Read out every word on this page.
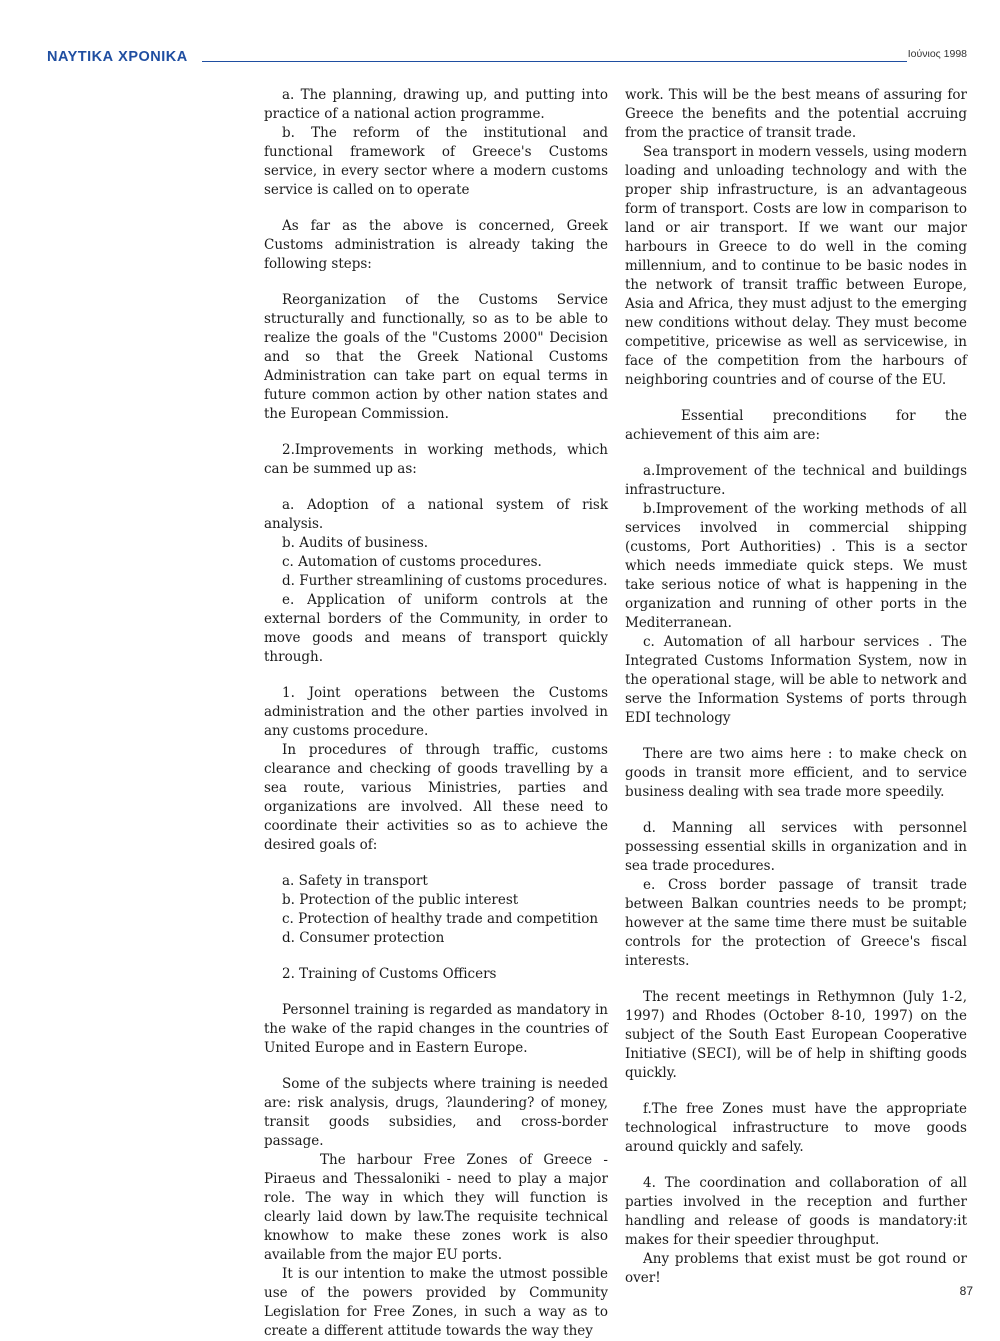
ΝΑΥΤΙΚΑ ΧΡΟΝΙΚΑ	Ιούνιος 1998

a. The planning, drawing up, and putting into practice of a national action programme.

b. The reform of the institutional and functional framework of Greece's Customs service, in every sector where a modern customs service is called on to operate

As far as the above is concerned, Greek Customs administration is already taking the following steps:

Reorganization of the Customs Service structurally and functionally, so as to be able to realize the goals of the "Customs 2000" Decision and so that the Greek National Customs Administration can take part on equal terms in future common action by other nation states and the European Commission.

2.Improvements in working methods, which can be summed up as:

a. Adoption of a national system of risk analysis.

b. Audits of business.

c. Automation of customs procedures.

d. Further streamlining of customs procedures.

e. Application of uniform controls at the external borders of the Community, in order to move goods and means of transport quickly through.

1. Joint operations between the Customs administration and the other parties involved in any customs procedure.

In procedures of through traffic, customs clearance and checking of goods travelling by a sea route, various Ministries, parties and organizations are involved. All these need to coordinate their activities so as to achieve the desired goals of:

a. Safety in transport

b. Protection of the public interest

c. Protection of healthy trade and competition

d. Consumer protection

2. Training of Customs Officers

Personnel training is regarded as mandatory in the wake of the rapid changes in the countries of United Europe and in Eastern Europe.

Some of the subjects where training is needed are: risk analysis, drugs, ?laundering? of money, transit goods subsidies, and cross-border passage.

The harbour Free Zones of Greece - Piraeus and Thessaloniki - need to play a major role. The way in which they will function is clearly laid down by law.The requisite technical knowhow to make these zones work is also available from the major EU ports.

It is our intention to make the utmost possible use of the powers provided by Community Legislation for Free Zones, in such a way as to create a different attitude towards the way they

work. This will be the best means of assuring for Greece the benefits and the potential accruing from the practice of transit trade.

Sea transport in modern vessels, using modern loading and unloading technology and with the proper ship infrastructure, is an advantageous form of transport. Costs are low in comparison to land or air transport. If we want our major harbours in Greece to do well in the coming millennium, and to continue to be basic nodes in the network of transit traffic between Europe, Asia and Africa, they must adjust to the emerging new conditions without delay. They must become competitive, pricewise as well as servicewise, in face of the competition from the harbours of neighboring countries and of course of the EU.

Essential preconditions for the achievement of this aim are:

a.Improvement of the technical and buildings infrastructure.

b.Improvement of the working methods of all services involved in commercial shipping (customs, Port Authorities) . This is a sector which needs immediate quick steps. We must take serious notice of what is happening in the organization and running of other ports in the Mediterranean.

c. Automation of all harbour services . The Integrated Customs Information System, now in the operational stage, will be able to network and serve the Information Systems of ports through EDI technology

There are two aims here : to make check on goods in transit more efficient, and to service business dealing with sea trade more speedily.

d. Manning all services with personnel possessing essential skills in organization and in sea trade procedures.

e. Cross border passage of transit trade between Balkan countries needs to be prompt; however at the same time there must be suitable controls for the protection of Greece's fiscal interests.

The recent meetings in Rethymnon (July 1-2, 1997) and Rhodes (October 8-10, 1997) on the subject of the South East European Cooperative Initiative (SECI), will be of help in shifting goods quickly.

f.The free Zones must have the appropriate technological infrastructure to move goods around quickly and safely.

4. The coordination and collaboration of all parties involved in the reception and further handling and release of goods is mandatory:it makes for their speedier throughput.

Any problems that exist must be got round or over!

87
